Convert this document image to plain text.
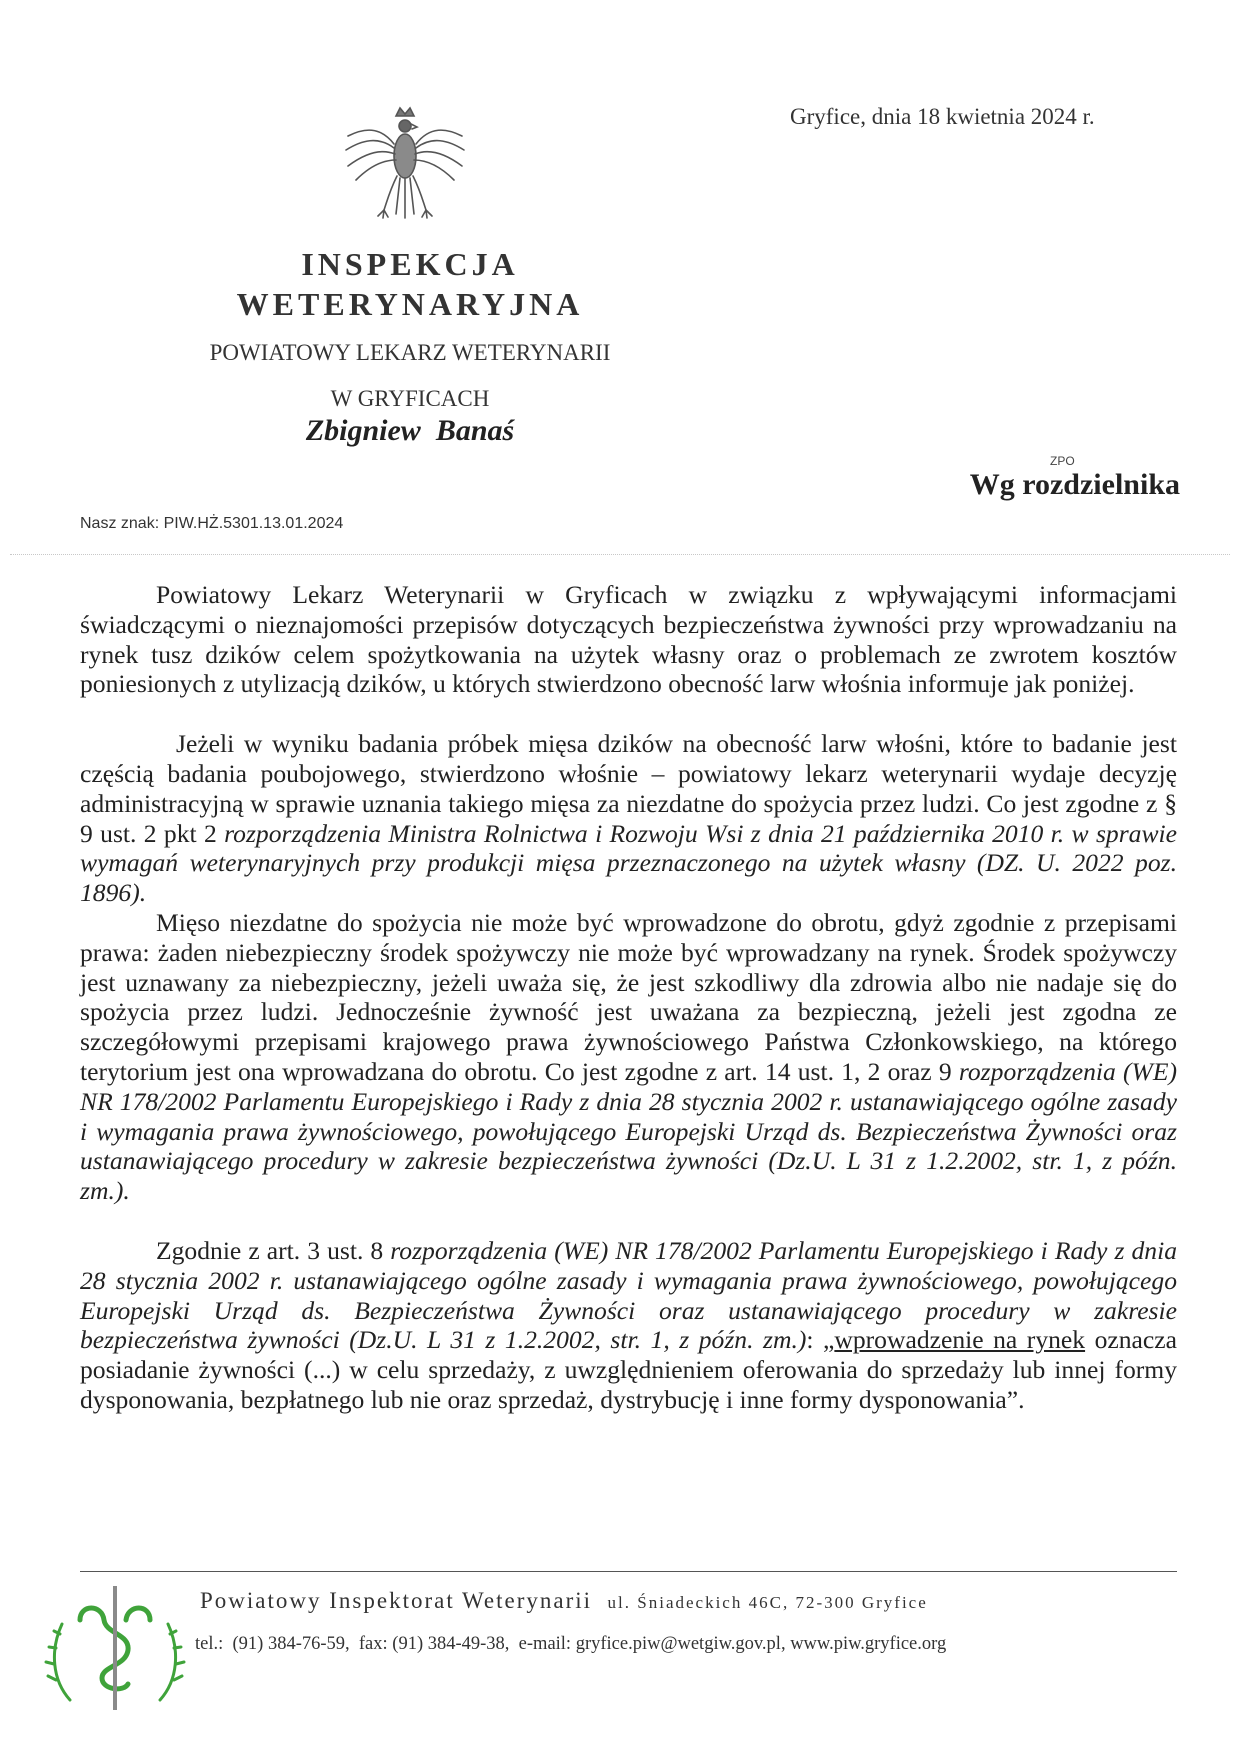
Gryfice, dnia 18 kwietnia 2024 r.
INSPEKCJA
WETERYNARYJNA
POWIATOWY LEKARZ WETERYNARII
W GRYFICACH
Zbigniew  Banaś
ZPO
Wg rozdzielnika
Nasz znak: PIW.HŻ.5301.13.01.2024

Powiatowy Lekarz Weterynarii w Gryficach w związku z wpływającymi informacjami świadczącymi o nieznajomości przepisów dotyczących bezpieczeństwa żywności przy wprowadzaniu na rynek tusz dzików celem spożytkowania na użytek własny oraz o problemach ze zwrotem kosztów poniesionych z utylizacją dzików, u których stwierdzono obecność larw włośnia informuje jak poniżej.

Jeżeli w wyniku badania próbek mięsa dzików na obecność larw włośni, które to badanie jest częścią badania poubojowego, stwierdzono włośnie – powiatowy lekarz weterynarii wydaje decyzję administracyjną w sprawie uznania takiego mięsa za niezdatne do spożycia przez ludzi. Co jest zgodne z § 9 ust. 2 pkt 2 rozporządzenia Ministra Rolnictwa i Rozwoju Wsi z dnia 21 października 2010 r. w sprawie wymagań weterynaryjnych przy produkcji mięsa przeznaczonego na użytek własny (DZ. U. 2022 poz. 1896).

Mięso niezdatne do spożycia nie może być wprowadzone do obrotu, gdyż zgodnie z przepisami prawa: żaden niebezpieczny środek spożywczy nie może być wprowadzany na rynek. Środek spożywczy jest uznawany za niebezpieczny, jeżeli uważa się, że jest szkodliwy dla zdrowia albo nie nadaje się do spożycia przez ludzi. Jednocześnie żywność jest uważana za bezpieczną, jeżeli jest zgodna ze szczegółowymi przepisami krajowego prawa żywnościowego Państwa Członkowskiego, na którego terytorium jest ona wprowadzana do obrotu. Co jest zgodne z art. 14 ust. 1, 2 oraz 9 rozporządzenia (WE) NR 178/2002 Parlamentu Europejskiego i Rady z dnia 28 stycznia 2002 r. ustanawiającego ogólne zasady i wymagania prawa żywnościowego, powołującego Europejski Urząd ds. Bezpieczeństwa Żywności oraz ustanawiającego procedury w zakresie bezpieczeństwa żywności (Dz.U. L 31 z 1.2.2002, str. 1, z późn. zm.).

Zgodnie z art. 3 ust. 8 rozporządzenia (WE) NR 178/2002 Parlamentu Europejskiego i Rady z dnia 28 stycznia 2002 r. ustanawiającego ogólne zasady i wymagania prawa żywnościowego, powołującego Europejski Urząd ds. Bezpieczeństwa Żywności oraz ustanawiającego procedury w zakresie bezpieczeństwa żywności (Dz.U. L 31 z 1.2.2002, str. 1, z późn. zm.): „wprowadzenie na rynek oznacza posiadanie żywności (...) w celu sprzedaży, z uwzględnieniem oferowania do sprzedaży lub innej formy dysponowania, bezpłatnego lub nie oraz sprzedaż, dystrybucję i inne formy dysponowania”.

Powiatowy Inspektorat Weterynarii ul. Śniadeckich 46C, 72-300 Gryfice
tel.:  (91) 384-76-59,  fax: (91) 384-49-38,  e-mail: gryfice.piw@wetgiw.gov.pl, www.piw.gryfice.org
